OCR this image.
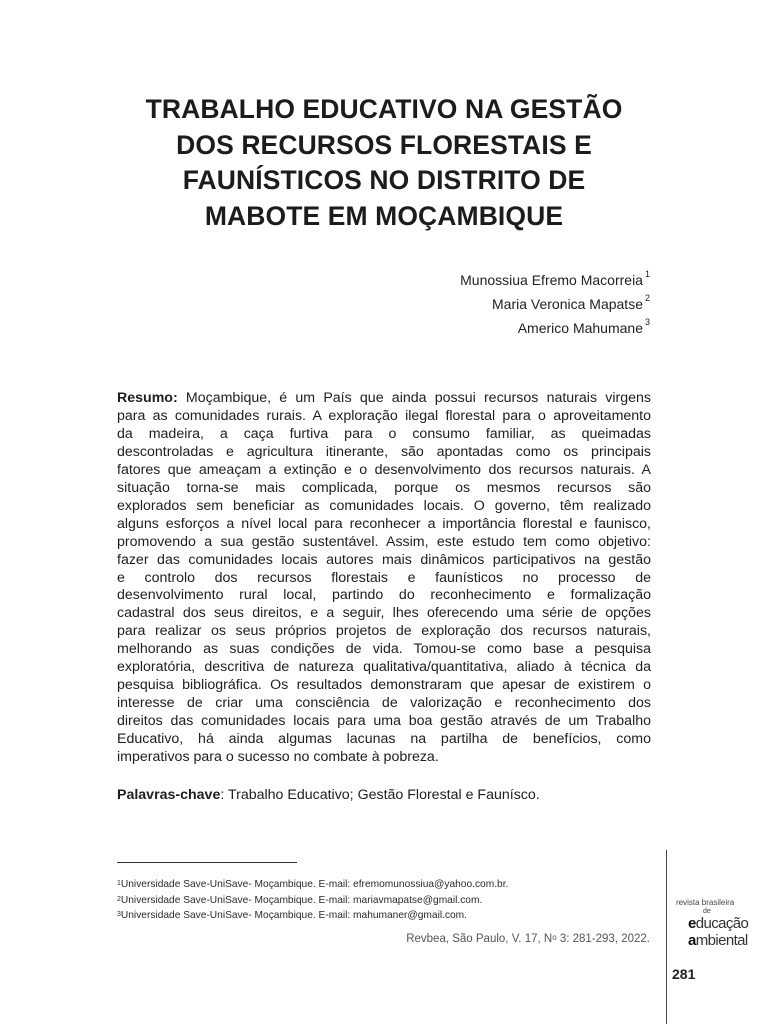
TRABALHO EDUCATIVO NA GESTÃO
DOS RECURSOS FLORESTAIS E
FAUNÍSTICOS NO DISTRITO DE
MABOTE EM MOÇAMBIQUE
Munossiua Efremo Macorreia $^1$
Maria Veronica Mapatse $^2$
Americo Mahumane $^3$
Resumo: Moçambique, é um País que ainda possui recursos naturais virgens
para as comunidades rurais. A exploração ilegal florestal para o aproveitamento
da madeira, a caça furtiva para o consumo familiar, as queimadas
descontroladas e agricultura itinerante, são apontadas como os principais
fatores que ameaçam a extinção e o desenvolvimento dos recursos naturais. A
situação torna-se mais complicada, porque os mesmos recursos são
explorados sem beneficiar as comunidades locais. O governo, têm realizado
alguns esforços a nível local para reconhecer a importância florestal e faunisco,
promovendo a sua gestão sustentável. Assim, este estudo tem como objetivo:
fazer das comunidades locais autores mais dinâmicos participativos na gestão
e controlo dos recursos florestais e faunísticos no processo de
desenvolvimento rural local, partindo do reconhecimento e formalização
cadastral dos seus direitos, e a seguir, lhes oferecendo uma série de opções
para realizar os seus próprios projetos de exploração dos recursos naturais,
melhorando as suas condições de vida. Tomou-se como base a pesquisa
exploratória, descritiva de natureza qualitativa/quantitativa, aliado à técnica da
pesquisa bibliográfica. Os resultados demonstraram que apesar de existirem o
interesse de criar uma consciência de valorização e reconhecimento dos
direitos das comunidades locais para uma boa gestão através de um Trabalho
Educativo, há ainda algumas lacunas na partilha de benefícios, como
imperativos para o sucesso no combate à pobreza.
Palavras-chave: Trabalho Educativo; Gestão Florestal e Faunísco.
$^1$Universidade Save-UniSave- Moçambique. E-mail: efremomunossiua@yahoo.com.br.
$^2$Universidade Save-UniSave- Moçambique. E-mail: mariavmapatse@gmail.com.
$^3$Universidade Save-UniSave- Moçambique. E-mail: mahumaner@gmail.com.
Revbea, São Paulo, V. 17, $N^o$ 3: 281-293, 2022.
revista brasileira
de
educação
ambiental
281
